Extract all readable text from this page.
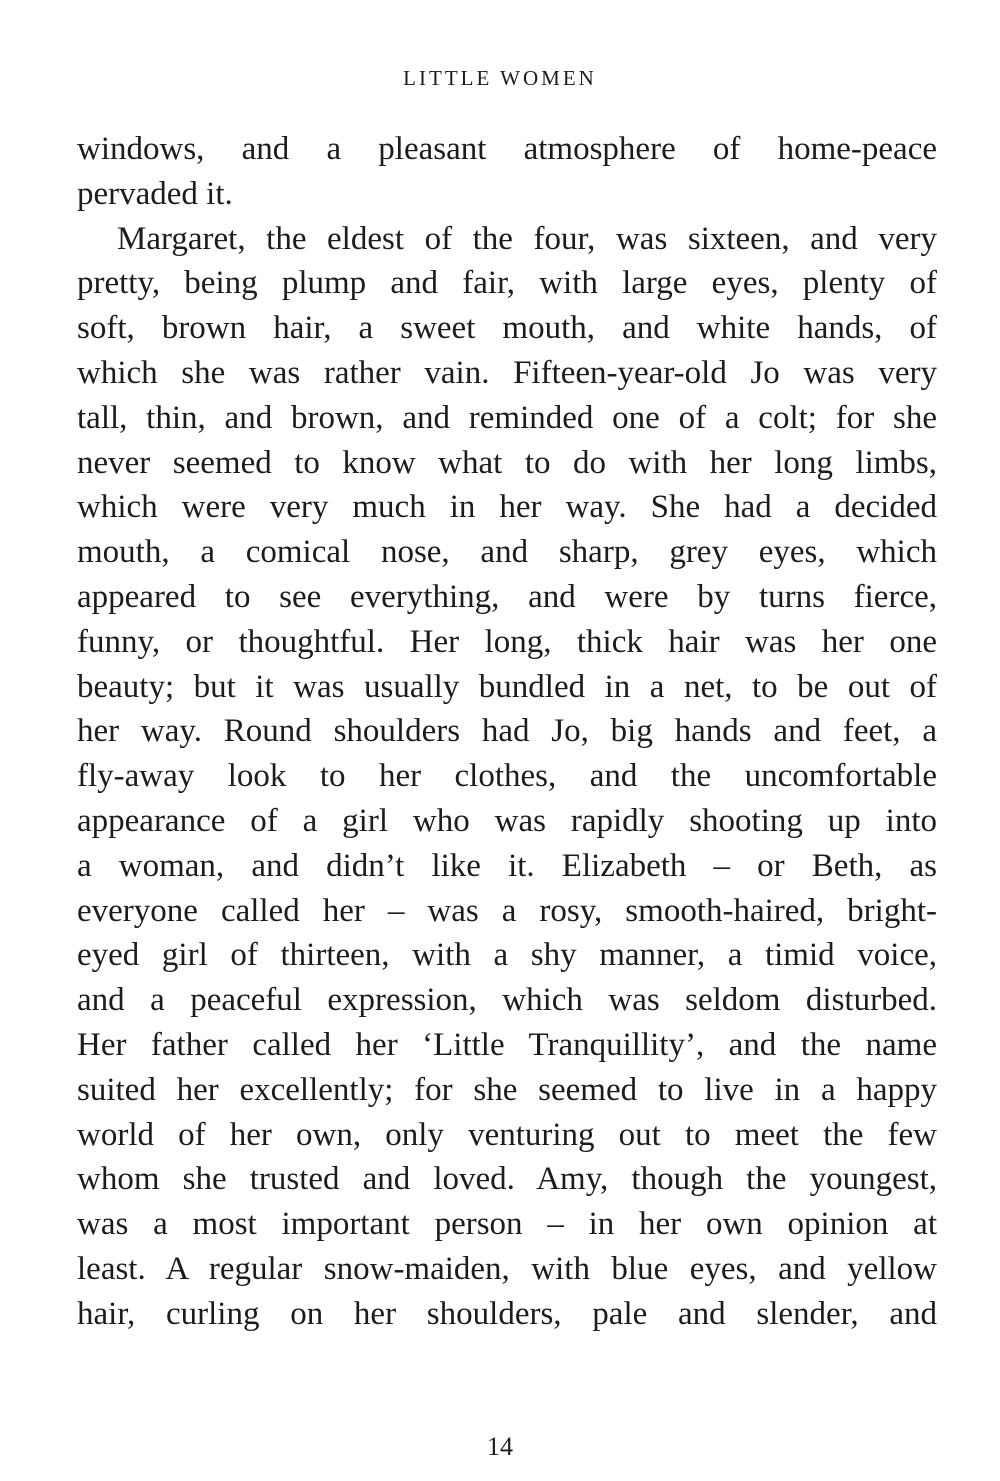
LITTLE WOMEN
windows, and a pleasant atmosphere of home-peace
pervaded it.
Margaret, the eldest of the four, was sixteen, and very
pretty, being plump and fair, with large eyes, plenty of
soft, brown hair, a sweet mouth, and white hands, of
which she was rather vain. Fifteen-year-old Jo was very
tall, thin, and brown, and reminded one of a colt; for she
never seemed to know what to do with her long limbs,
which were very much in her way. She had a decided
mouth, a comical nose, and sharp, grey eyes, which
appeared to see everything, and were by turns fierce,
funny, or thoughtful. Her long, thick hair was her one
beauty; but it was usually bundled in a net, to be out of
her way. Round shoulders had Jo, big hands and feet, a
fly-away look to her clothes, and the uncomfortable
appearance of a girl who was rapidly shooting up into
a woman, and didn’t like it. Elizabeth – or Beth, as
everyone called her – was a rosy, smooth-haired, bright-
eyed girl of thirteen, with a shy manner, a timid voice,
and a peaceful expression, which was seldom disturbed.
Her father called her ‘Little Tranquillity’, and the name
suited her excellently; for she seemed to live in a happy
world of her own, only venturing out to meet the few
whom she trusted and loved. Amy, though the youngest,
was a most important person – in her own opinion at
least. A regular snow-maiden, with blue eyes, and yellow
hair, curling on her shoulders, pale and slender, and
14
